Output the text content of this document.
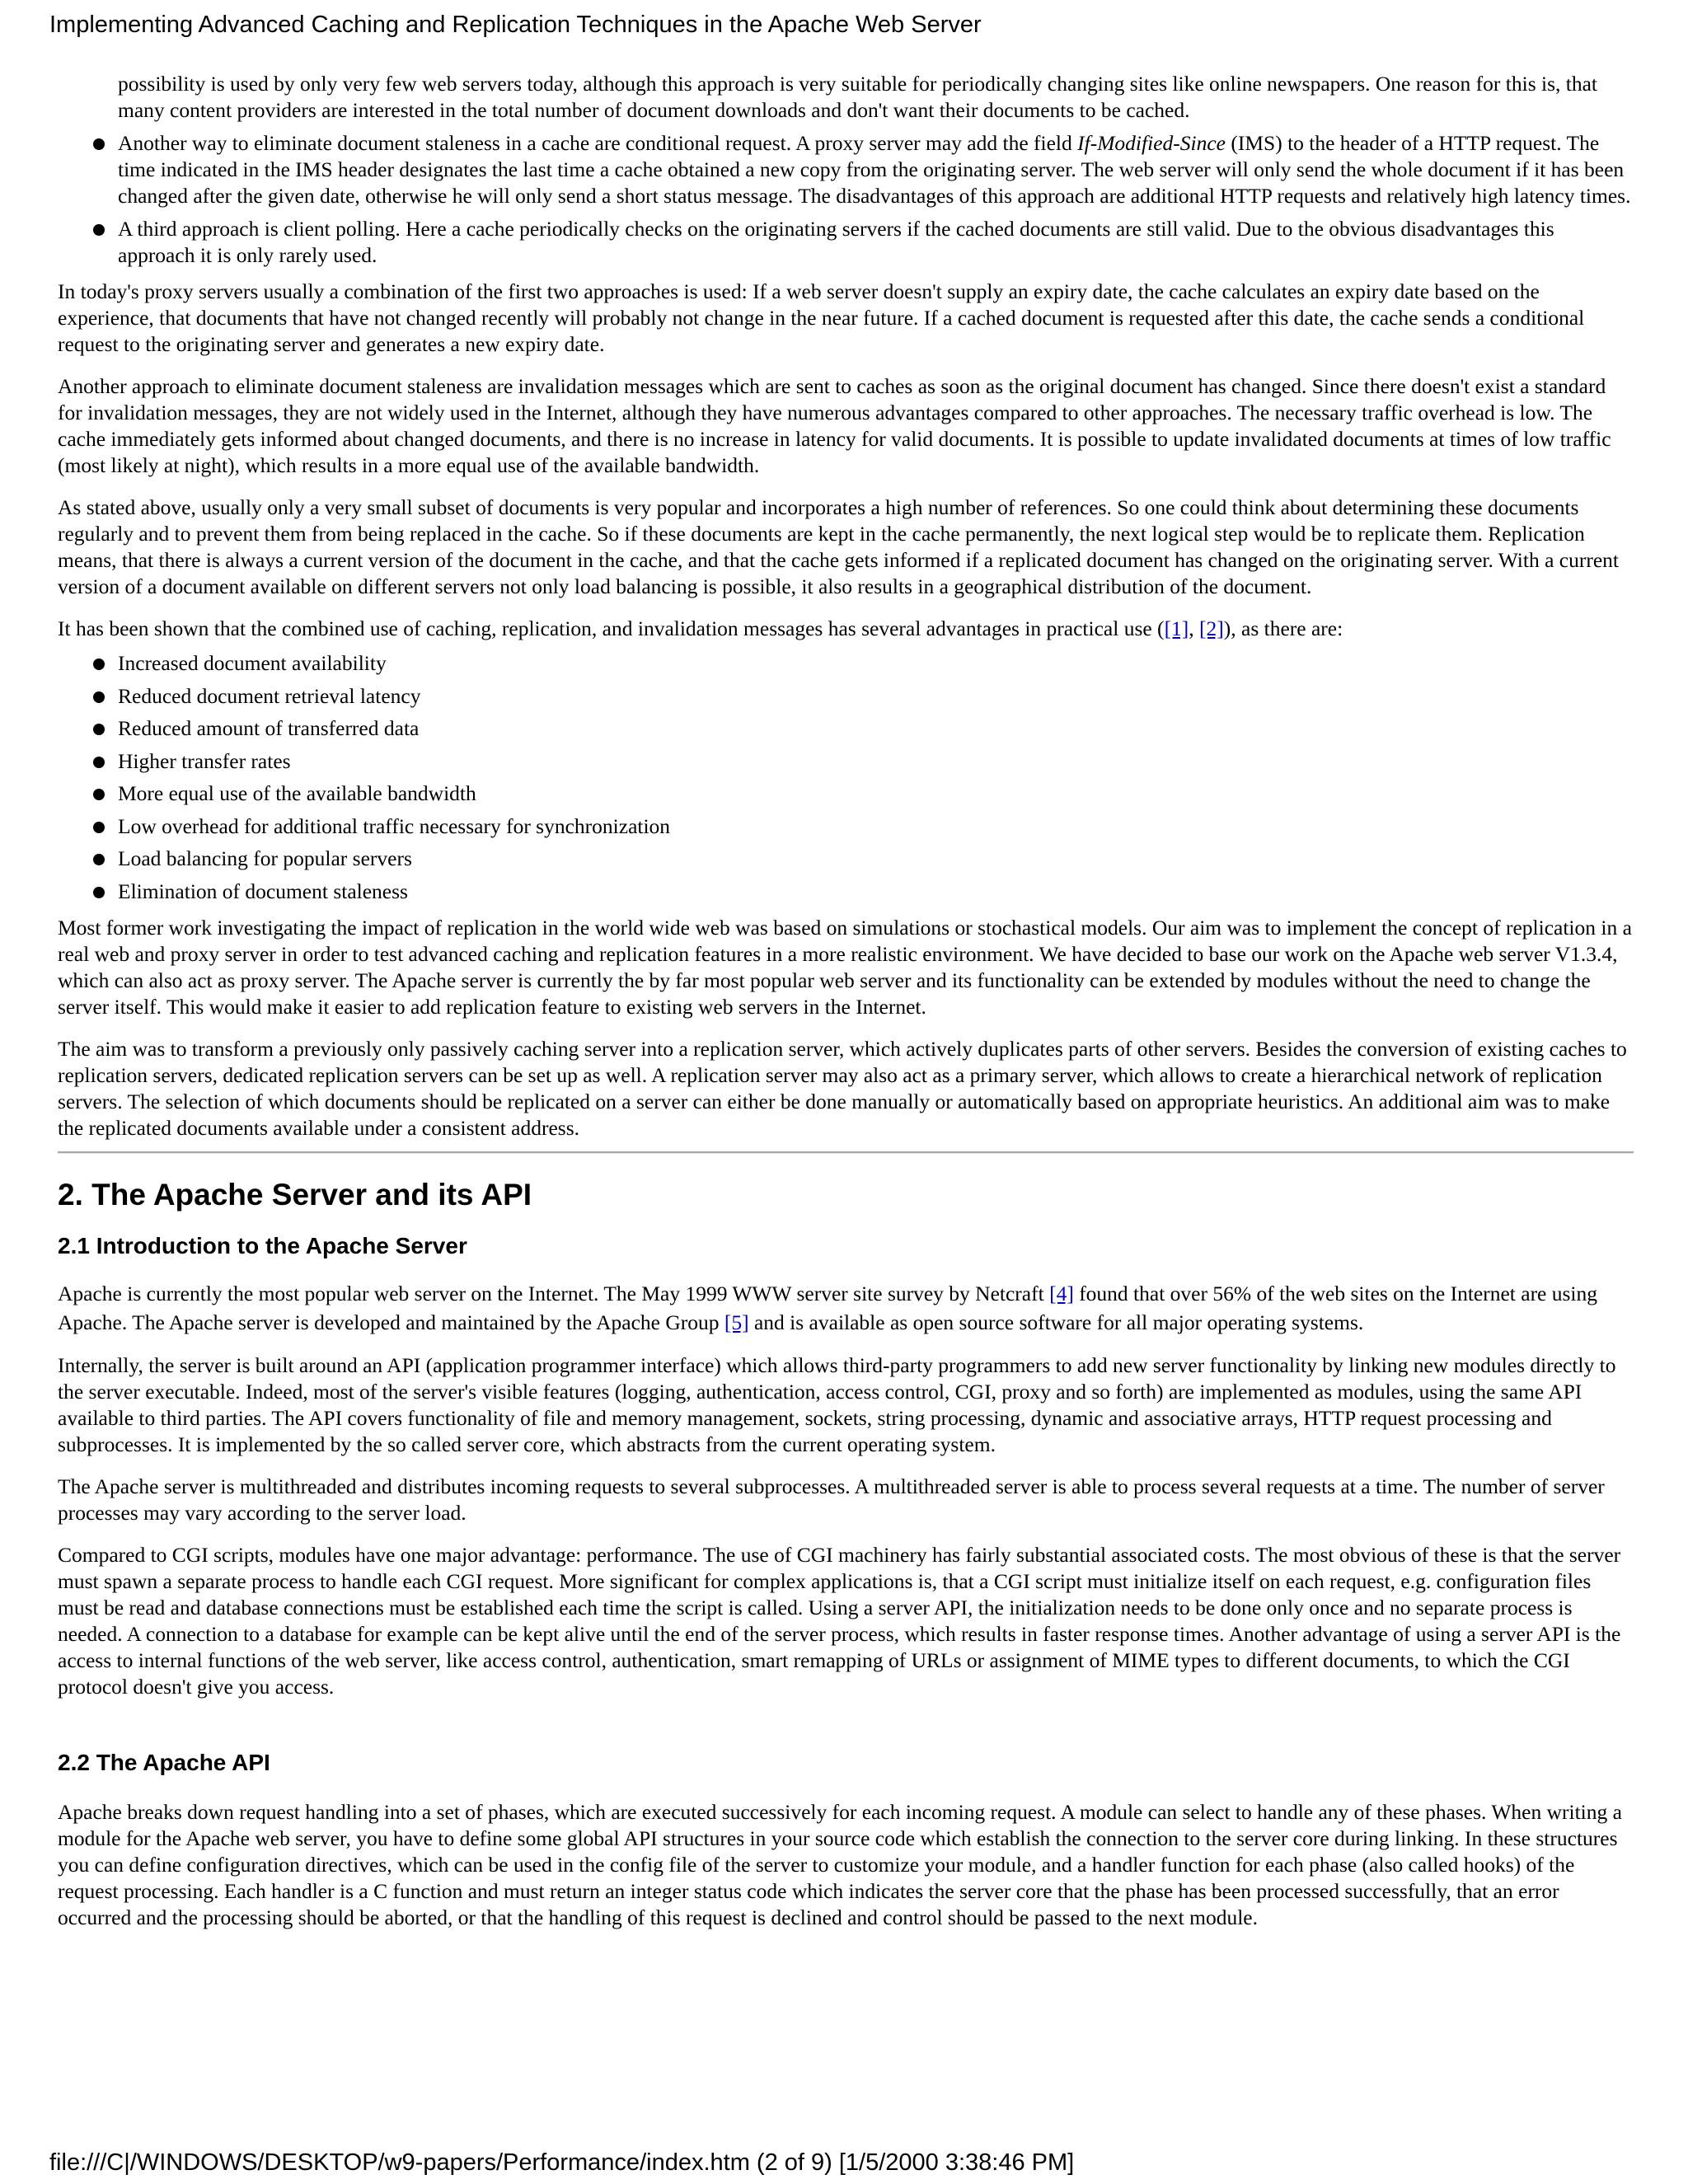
Implementing Advanced Caching and Replication Techniques in the Apache Web Server
possibility is used by only very few web servers today, although this approach is very suitable for periodically changing sites like online newspapers. One reason for this is, that many content providers are interested in the total number of document downloads and don't want their documents to be cached.
Another way to eliminate document staleness in a cache are conditional request. A proxy server may add the field If-Modified-Since (IMS) to the header of a HTTP request. The time indicated in the IMS header designates the last time a cache obtained a new copy from the originating server. The web server will only send the whole document if it has been changed after the given date, otherwise he will only send a short status message. The disadvantages of this approach are additional HTTP requests and relatively high latency times.
A third approach is client polling. Here a cache periodically checks on the originating servers if the cached documents are still valid. Due to the obvious disadvantages this approach it is only rarely used.

In today's proxy servers usually a combination of the first two approaches is used: If a web server doesn't supply an expiry date, the cache calculates an expiry date based on the experience, that documents that have not changed recently will probably not change in the near future. If a cached document is requested after this date, the cache sends a conditional request to the originating server and generates a new expiry date.

Another approach to eliminate document staleness are invalidation messages which are sent to caches as soon as the original document has changed. Since there doesn't exist a standard for invalidation messages, they are not widely used in the Internet, although they have numerous advantages compared to other approaches. The necessary traffic overhead is low. The cache immediately gets informed about changed documents, and there is no increase in latency for valid documents. It is possible to update invalidated documents at times of low traffic (most likely at night), which results in a more equal use of the available bandwidth.

As stated above, usually only a very small subset of documents is very popular and incorporates a high number of references. So one could think about determining these documents regularly and to prevent them from being replaced in the cache. So if these documents are kept in the cache permanently, the next logical step would be to replicate them. Replication means, that there is always a current version of the document in the cache, and that the cache gets informed if a replicated document has changed on the originating server. With a current version of a document available on different servers not only load balancing is possible, it also results in a geographical distribution of the document.

It has been shown that the combined use of caching, replication, and invalidation messages has several advantages in practical use ([1], [2]), as there are:

Increased document availability
Reduced document retrieval latency
Reduced amount of transferred data
Higher transfer rates
More equal use of the available bandwidth
Low overhead for additional traffic necessary for synchronization
Load balancing for popular servers
Elimination of document staleness

Most former work investigating the impact of replication in the world wide web was based on simulations or stochastical models. Our aim was to implement the concept of replication in a real web and proxy server in order to test advanced caching and replication features in a more realistic environment. We have decided to base our work on the Apache web server V1.3.4, which can also act as proxy server. The Apache server is currently the by far most popular web server and its functionality can be extended by modules without the need to change the server itself. This would make it easier to add replication feature to existing web servers in the Internet.

The aim was to transform a previously only passively caching server into a replication server, which actively duplicates parts of other servers. Besides the conversion of existing caches to replication servers, dedicated replication servers can be set up as well. A replication server may also act as a primary server, which allows to create a hierarchical network of replication servers. The selection of which documents should be replicated on a server can either be done manually or automatically based on appropriate heuristics. An additional aim was to make the replicated documents available under a consistent address.

2. The Apache Server and its API
2.1 Introduction to the Apache Server

Apache is currently the most popular web server on the Internet. The May 1999 WWW server site survey by Netcraft [4] found that over 56% of the web sites on the Internet are using Apache. The Apache server is developed and maintained by the Apache Group [5] and is available as open source software for all major operating systems.

Internally, the server is built around an API (application programmer interface) which allows third-party programmers to add new server functionality by linking new modules directly to the server executable. Indeed, most of the server's visible features (logging, authentication, access control, CGI, proxy and so forth) are implemented as modules, using the same API available to third parties. The API covers functionality of file and memory management, sockets, string processing, dynamic and associative arrays, HTTP request processing and subprocesses. It is implemented by the so called server core, which abstracts from the current operating system.

The Apache server is multithreaded and distributes incoming requests to several subprocesses. A multithreaded server is able to process several requests at a time. The number of server processes may vary according to the server load.

Compared to CGI scripts, modules have one major advantage: performance. The use of CGI machinery has fairly substantial associated costs. The most obvious of these is that the server must spawn a separate process to handle each CGI request. More significant for complex applications is, that a CGI script must initialize itself on each request, e.g. configuration files must be read and database connections must be established each time the script is called. Using a server API, the initialization needs to be done only once and no separate process is needed. A connection to a database for example can be kept alive until the end of the server process, which results in faster response times. Another advantage of using a server API is the access to internal functions of the web server, like access control, authentication, smart remapping of URLs or assignment of MIME types to different documents, to which the CGI protocol doesn't give you access.

2.2 The Apache API

Apache breaks down request handling into a set of phases, which are executed successively for each incoming request. A module can select to handle any of these phases. When writing a module for the Apache web server, you have to define some global API structures in your source code which establish the connection to the server core during linking. In these structures you can define configuration directives, which can be used in the config file of the server to customize your module, and a handler function for each phase (also called hooks) of the request processing. Each handler is a C function and must return an integer status code which indicates the server core that the phase has been processed successfully, that an error occurred and the processing should be aborted, or that the handling of this request is declined and control should be passed to the next module.

file:///C|/WINDOWS/DESKTOP/w9-papers/Performance/index.htm (2 of 9) [1/5/2000 3:38:46 PM]
